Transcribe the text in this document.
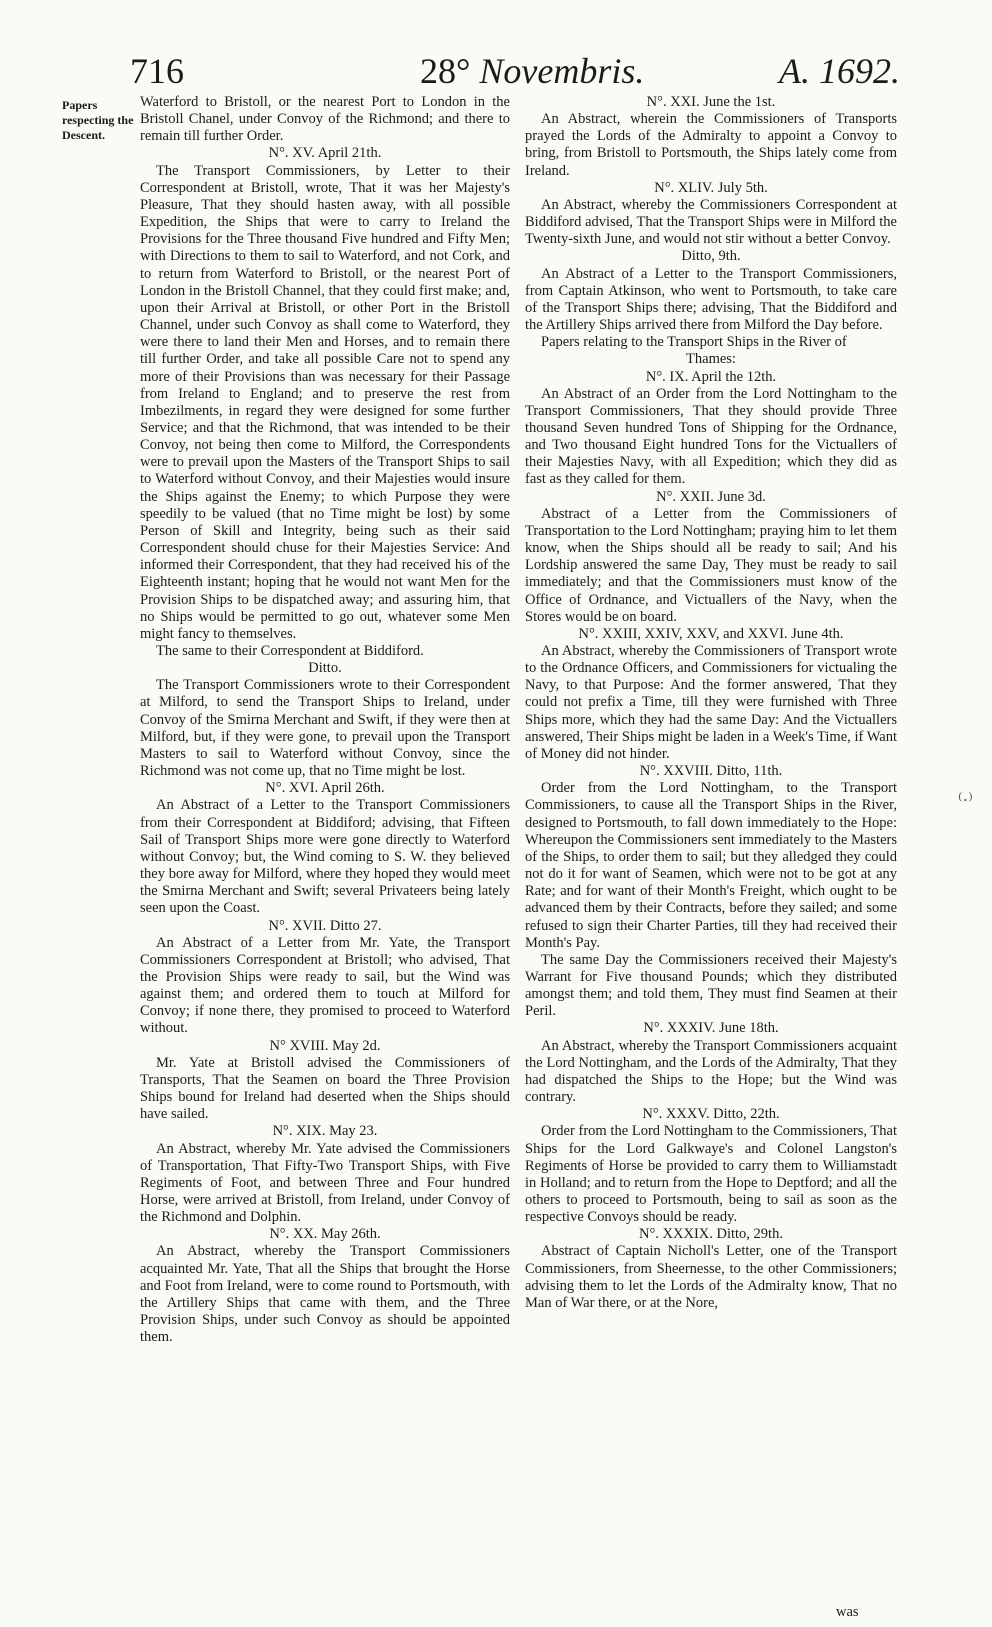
716	28° Novembris.	A. 1692.
Papers respecting the Descent.

Waterford to Bristoll, or the nearest Port to London in the Bristoll Chanel, under Convoy of the Richmond; and there to remain till further Order.

N°. XV. April 21th.

The Transport Commissioners, by Letter to their Correspondent at Bristoll, wrote, That it was her Majesty's Pleasure, That they should hasten away, with all possible Expedition, the Ships that were to carry to Ireland the Provisions for the Three thousand Five hundred and Fifty Men; with Directions to them to sail to Waterford, and not Cork, and to return from Waterford to Bristoll, or the nearest Port of London in the Bristoll Channel, that they could first make; and, upon their Arrival at Bristoll, or other Port in the Bristoll Channel, under such Convoy as shall come to Waterford, they were there to land their Men and Horses, and to remain there till further Order, and take all possible Care not to spend any more of their Provisions than was necessary for their Passage from Ireland to England; and to preserve the rest from Imbezilments, in regard they were designed for some further Service; and that the Richmond, that was intended to be their Convoy, not being then come to Milford, the Correspondents were to prevail upon the Masters of the Transport Ships to sail to Waterford without Convoy, and their Majesties would insure the Ships against the Enemy; to which Purpose they were speedily to be valued (that no Time might be lost) by some Person of Skill and Integrity, being such as their said Correspondent should chuse for their Majesties Service: And informed their Correspondent, that they had received his of the Eighteenth instant; hoping that he would not want Men for the Provision Ships to be dispatched away; and assuring him, that no Ships would be permitted to go out, whatever some Men might fancy to themselves.

The same to their Correspondent at Biddiford.

Ditto.

The Transport Commissioners wrote to their Correspondent at Milford, to send the Transport Ships to Ireland, under Convoy of the Smirna Merchant and Swift, if they were then at Milford, but, if they were gone, to prevail upon the Transport Masters to sail to Waterford without Convoy, since the Richmond was not come up, that no Time might be lost.

N°. XVI. April 26th.

An Abstract of a Letter to the Transport Commissioners from their Correspondent at Biddiford; advising, that Fifteen Sail of Transport Ships more were gone directly to Waterford without Convoy; but, the Wind coming to S. W. they believed they bore away for Milford, where they hoped they would meet the Smirna Merchant and Swift; several Privateers being lately seen upon the Coast.

N°. XVII. Ditto 27.

An Abstract of a Letter from Mr. Yate, the Transport Commissioners Correspondent at Bristoll; who advised, That the Provision Ships were ready to sail, but the Wind was against them; and ordered them to touch at Milford for Convoy; if none there, they promised to proceed to Waterford without.

N° XVIII. May 2d.

Mr. Yate at Bristoll advised the Commissioners of Transports, That the Seamen on board the Three Provision Ships bound for Ireland had deserted when the Ships should have sailed.

N°. XIX. May 23.

An Abstract, whereby Mr. Yate advised the Commissioners of Transportation, That Fifty-Two Transport Ships, with Five Regiments of Foot, and between Three and Four hundred Horse, were arrived at Bristoll, from Ireland, under Convoy of the Richmond and Dolphin.

N°. XX. May 26th.

An Abstract, whereby the Transport Commissioners acquainted Mr. Yate, That all the Ships that brought the Horse and Foot from Ireland, were to come round to Portsmouth, with the Artillery Ships that came with them, and the Three Provision Ships, under such Convoy as should be appointed them.

N°. XXI. June the 1st.

An Abstract, wherein the Commissioners of Transports prayed the Lords of the Admiralty to appoint a Convoy to bring, from Bristoll to Portsmouth, the Ships lately come from Ireland.

N°. XLIV. July 5th.

An Abstract, whereby the Commissioners Correspondent at Biddiford advised, That the Transport Ships were in Milford the Twenty-sixth June, and would not stir without a better Convoy.

Ditto, 9th.

An Abstract of a Letter to the Transport Commissioners, from Captain Atkinson, who went to Portsmouth, to take care of the Transport Ships there; advising, That the Biddiford and the Artillery Ships arrived there from Milford the Day before.

Papers relating to the Transport Ships in the River of

Thames:
N°. IX. April the 12th.

An Abstract of an Order from the Lord Nottingham to the Transport Commissioners, That they should provide Three thousand Seven hundred Tons of Shipping for the Ordnance, and Two thousand Eight hundred Tons for the Victuallers of their Majesties Navy, with all Expedition; which they did as fast as they called for them.

N°. XXII. June 3d.

Abstract of a Letter from the Commissioners of Transportation to the Lord Nottingham; praying him to let them know, when the Ships should all be ready to sail; And his Lordship answered the same Day, They must be ready to sail immediately; and that the Commissioners must know of the Office of Ordnance, and Victuallers of the Navy, when the Stores would be on board.

N°. XXIII, XXIV, XXV, and XXVI. June 4th.

An Abstract, whereby the Commissioners of Transport wrote to the Ordnance Officers, and Commissioners for victualing the Navy, to that Purpose: And the former answered, That they could not prefix a Time, till they were furnished with Three Ships more, which they had the same Day: And the Victuallers answered, Their Ships might be laden in a Week's Time, if Want of Money did not hinder.

N°. XXVIII. Ditto, 11th.

Order from the Lord Nottingham, to the Transport Commissioners, to cause all the Transport Ships in the River, designed to Portsmouth, to fall down immediately to the Hope: Whereupon the Commissioners sent immediately to the Masters of the Ships, to order them to sail; but they alledged they could not do it for want of Seamen, which were not to be got at any Rate; and for want of their Month's Freight, which ought to be advanced them by their Contracts, before they sailed; and some refused to sign their Charter Parties, till they had received their Month's Pay.

The same Day the Commissioners received their Majesty's Warrant for Five thousand Pounds; which they distributed amongst them; and told them, They must find Seamen at their Peril.

N°. XXXIV. June 18th.

An Abstract, whereby the Transport Commissioners acquaint the Lord Nottingham, and the Lords of the Admiralty, That they had dispatched the Ships to the Hope; but the Wind was contrary.

N°. XXXV. Ditto, 22th.

Order from the Lord Nottingham to the Commissioners, That Ships for the Lord Galkwaye's and Colonel Langston's Regiments of Horse be provided to carry them to Williamstadt in Holland; and to return from the Hope to Deptford; and all the others to proceed to Portsmouth, being to sail as soon as the respective Convoys should be ready.

N°. XXXIX. Ditto, 29th.

Abstract of Captain Nicholl's Letter, one of the Transport Commissioners, from Sheernesse, to the other Commissioners; advising them to let the Lords of the Admiralty know, That no Man of War there, or at the Nore,

was
⁽·⁾
